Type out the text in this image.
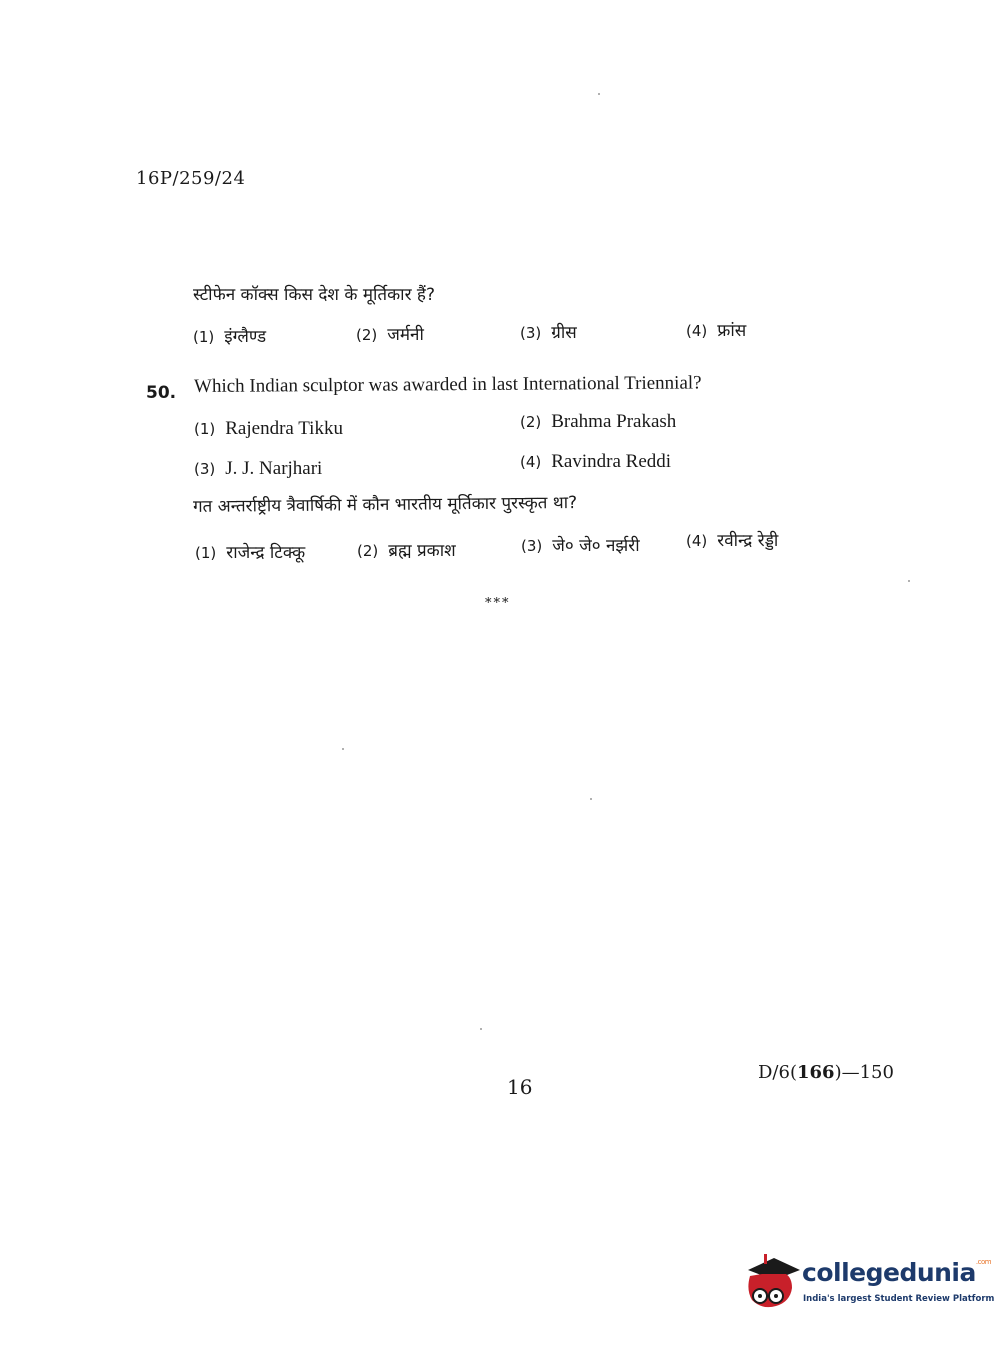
16P/259/24
स्टीफेन कॉक्स किस देश के मूर्तिकार हैं?
(1) इंग्लैण्ड	(2) जर्मनी	(3) ग्रीस	(4) फ्रांस
50. Which Indian sculptor was awarded in last International Triennial?
(1) Rajendra Tikku	(2) Brahma Prakash
(3) J. J. Narjhari	(4) Ravindra Reddi
गत अन्तर्राष्ट्रीय त्रैवार्षिकी में कौन भारतीय मूर्तिकार पुरस्कृत था?
(1) राजेन्द्र टिक्कू	(2) ब्रह्म प्रकाश	(3) जे० जे० नर्झरी	(4) रवीन्द्र रेड्डी
***
16
D/6(166)—150
collegedunia$^{.com}$
India's largest Student Review Platform
